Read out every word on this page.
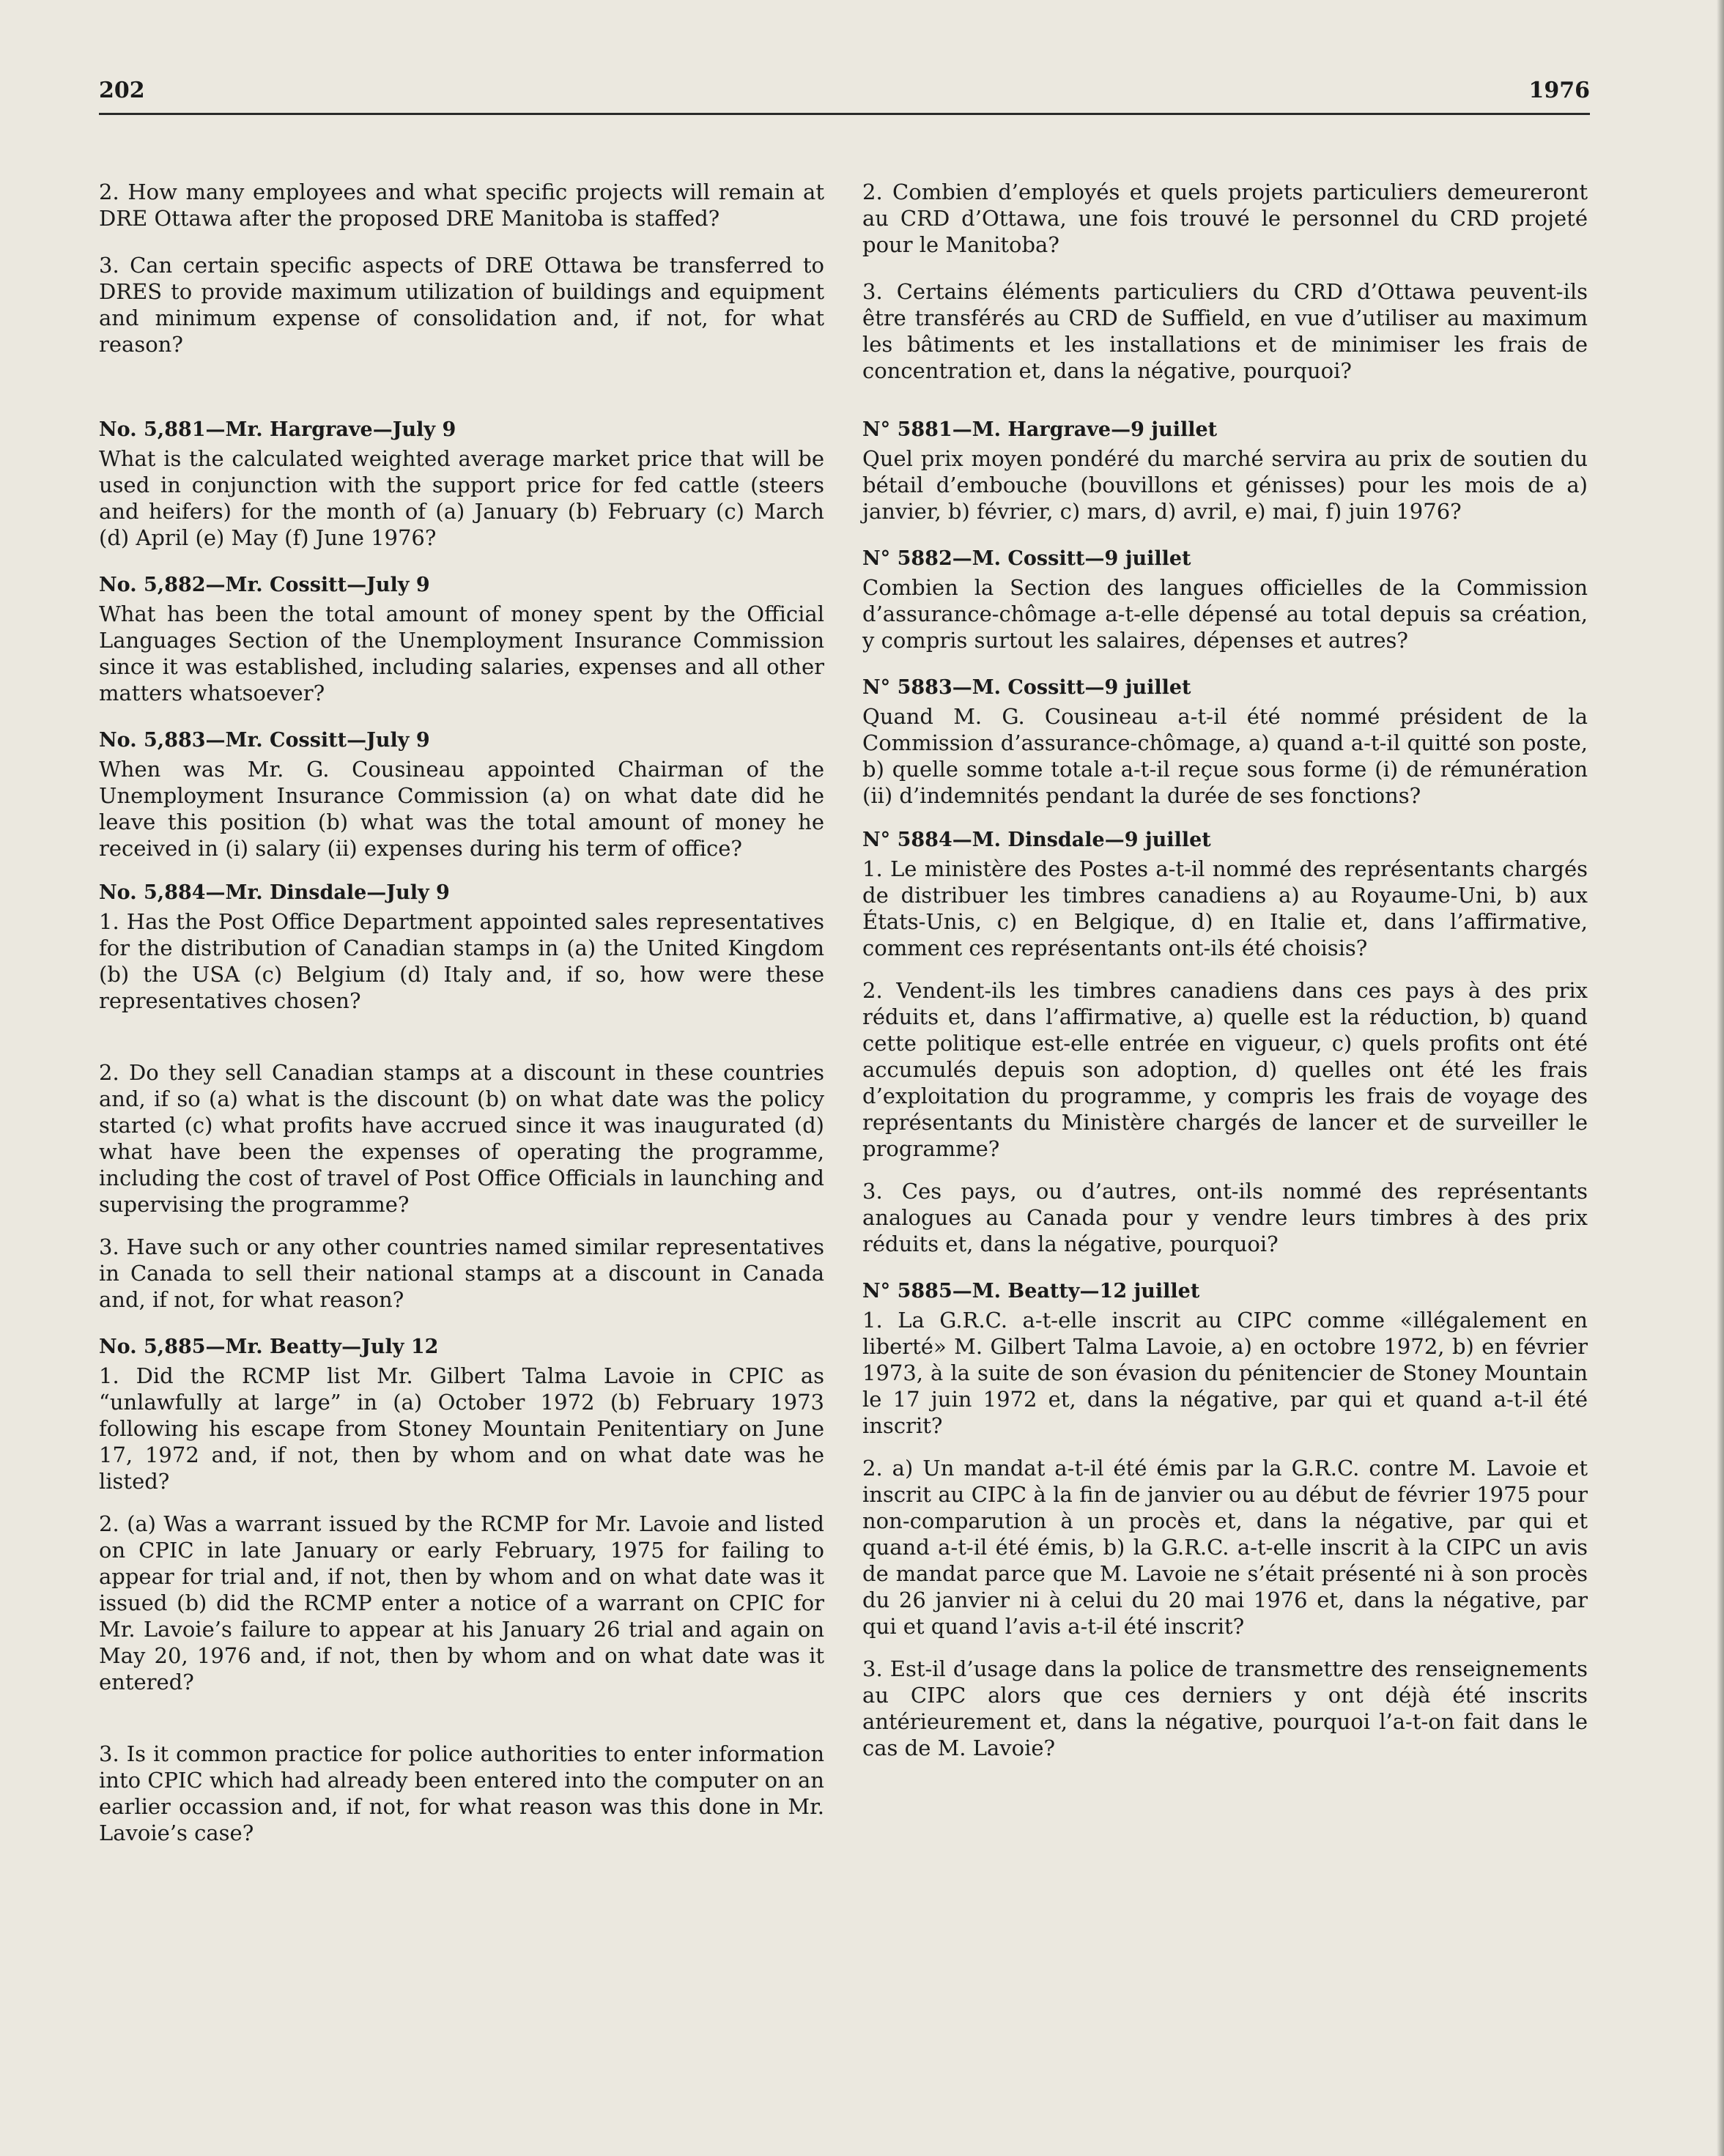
202	1976

2. How many employees and what specific projects will remain at DRE Ottawa after the proposed DRE Manitoba is staffed?

3. Can certain specific aspects of DRE Ottawa be transferred to DRES to provide maximum utilization of buildings and equipment and minimum expense of consolidation and, if not, for what reason?

No. 5,881—Mr. Hargrave—July 9

What is the calculated weighted average market price that will be used in conjunction with the support price for fed cattle (steers and heifers) for the month of (a) January (b) February (c) March (d) April (e) May (f) June 1976?

No. 5,882—Mr. Cossitt—July 9

What has been the total amount of money spent by the Official Languages Section of the Unemployment Insurance Commission since it was established, including salaries, expenses and all other matters whatsoever?

No. 5,883—Mr. Cossitt—July 9

When was Mr. G. Cousineau appointed Chairman of the Unemployment Insurance Commission (a) on what date did he leave this position (b) what was the total amount of money he received in (i) salary (ii) expenses during his term of office?

No. 5,884—Mr. Dinsdale—July 9

1. Has the Post Office Department appointed sales representatives for the distribution of Canadian stamps in (a) the United Kingdom (b) the USA (c) Belgium (d) Italy and, if so, how were these representatives chosen?

2. Do they sell Canadian stamps at a discount in these countries and, if so (a) what is the discount (b) on what date was the policy started (c) what profits have accrued since it was inaugurated (d) what have been the expenses of operating the programme, including the cost of travel of Post Office Officials in launching and supervising the programme?

3. Have such or any other countries named similar representatives in Canada to sell their national stamps at a discount in Canada and, if not, for what reason?

No. 5,885—Mr. Beatty—July 12

1. Did the RCMP list Mr. Gilbert Talma Lavoie in CPIC as “unlawfully at large” in (a) October 1972 (b) February 1973 following his escape from Stoney Mountain Penitentiary on June 17, 1972 and, if not, then by whom and on what date was he listed?

2. (a) Was a warrant issued by the RCMP for Mr. Lavoie and listed on CPIC in late January or early February, 1975 for failing to appear for trial and, if not, then by whom and on what date was it issued (b) did the RCMP enter a notice of a warrant on CPIC for Mr. Lavoie’s failure to appear at his January 26 trial and again on May 20, 1976 and, if not, then by whom and on what date was it entered?

3. Is it common practice for police authorities to enter information into CPIC which had already been entered into the computer on an earlier occassion and, if not, for what reason was this done in Mr. Lavoie’s case?

2. Combien d’employés et quels projets particuliers demeureront au CRD d’Ottawa, une fois trouvé le personnel du CRD projeté pour le Manitoba?

3. Certains éléments particuliers du CRD d’Ottawa peuvent-ils être transférés au CRD de Suffield, en vue d’utiliser au maximum les bâtiments et les installations et de minimiser les frais de concentration et, dans la négative, pourquoi?

N° 5881—M. Hargrave—9 juillet

Quel prix moyen pondéré du marché servira au prix de soutien du bétail d’embouche (bouvillons et génisses) pour les mois de a) janvier, b) février, c) mars, d) avril, e) mai, f) juin 1976?

N° 5882—M. Cossitt—9 juillet

Combien la Section des langues officielles de la Commission d’assurance-chômage a-t-elle dépensé au total depuis sa création, y compris surtout les salaires, dépenses et autres?

N° 5883—M. Cossitt—9 juillet

Quand M. G. Cousineau a-t-il été nommé président de la Commission d’assurance-chômage, a) quand a-t-il quitté son poste, b) quelle somme totale a-t-il reçue sous forme (i) de rémunération (ii) d’indemnités pendant la durée de ses fonctions?

N° 5884—M. Dinsdale—9 juillet

1. Le ministère des Postes a-t-il nommé des représentants chargés de distribuer les timbres canadiens a) au Royaume-Uni, b) aux États-Unis, c) en Belgique, d) en Italie et, dans l’affirmative, comment ces représentants ont-ils été choisis?

2. Vendent-ils les timbres canadiens dans ces pays à des prix réduits et, dans l’affirmative, a) quelle est la réduction, b) quand cette politique est-elle entrée en vigueur, c) quels profits ont été accumulés depuis son adoption, d) quelles ont été les frais d’exploitation du programme, y compris les frais de voyage des représentants du Ministère chargés de lancer et de surveiller le programme?

3. Ces pays, ou d’autres, ont-ils nommé des représentants analogues au Canada pour y vendre leurs timbres à des prix réduits et, dans la négative, pourquoi?

N° 5885—M. Beatty—12 juillet

1. La G.R.C. a-t-elle inscrit au CIPC comme «illégalement en liberté» M. Gilbert Talma Lavoie, a) en octobre 1972, b) en février 1973, à la suite de son évasion du pénitencier de Stoney Mountain le 17 juin 1972 et, dans la négative, par qui et quand a-t-il été inscrit?

2. a) Un mandat a-t-il été émis par la G.R.C. contre M. Lavoie et inscrit au CIPC à la fin de janvier ou au début de février 1975 pour non-comparution à un procès et, dans la négative, par qui et quand a-t-il été émis, b) la G.R.C. a-t-elle inscrit à la CIPC un avis de mandat parce que M. Lavoie ne s’était présenté ni à son procès du 26 janvier ni à celui du 20 mai 1976 et, dans la négative, par qui et quand l’avis a-t-il été inscrit?

3. Est-il d’usage dans la police de transmettre des renseignements au CIPC alors que ces derniers y ont déjà été inscrits antérieurement et, dans la négative, pourquoi l’a-t-on fait dans le cas de M. Lavoie?
